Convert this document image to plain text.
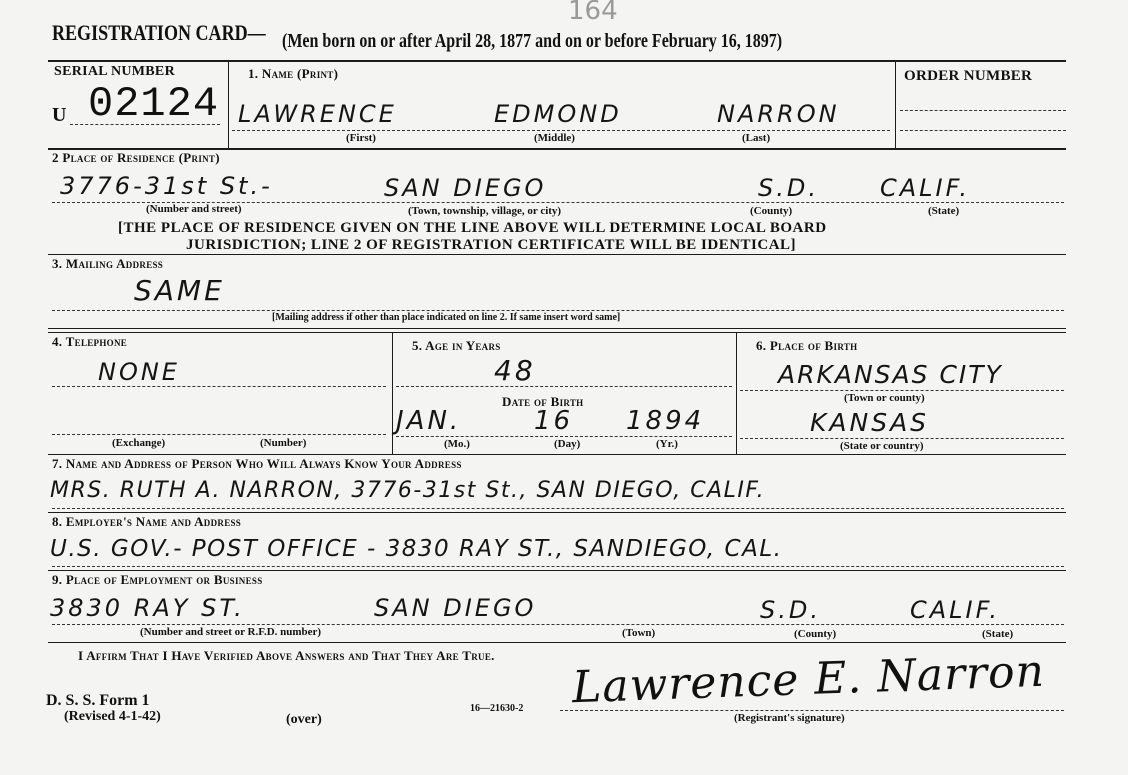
164
REGISTRATION CARD— (Men born on or after April 28, 1877 and on or before February 16, 1897)
SERIAL NUMBER
U 02124
1. Name (Print)
LAWRENCE	EDMOND	NARRON
(First)	(Middle)	(Last)
ORDER NUMBER
2 Place of Residence (Print)
3776-31st St.-	SAN DIEGO	S.D.	CALIF.
(Number and street)	(Town, township, village, or city)	(County)	(State)
[THE PLACE OF RESIDENCE GIVEN ON THE LINE ABOVE WILL DETERMINE LOCAL BOARD
JURISDICTION; LINE 2 OF REGISTRATION CERTIFICATE WILL BE IDENTICAL]
3. Mailing Address
SAME
[Mailing address if other than place indicated on line 2. If same insert word same]
4. Telephone
NONE
(Exchange)	(Number)
5. Age in Years
48
Date of Birth
JAN.	16 1894
(Mo.)	(Day)	(Yr.)
6. Place of Birth
ARKANSAS CITY
(Town or county)
KANSAS
(State or country)
7. Name and Address of Person Who Will Always Know Your Address
MRS. RUTH A. NARRON, 3776-31st St., SAN DIEGO, CALIF.
8. Employer's Name and Address
U.S. GOV.- POST OFFICE - 3830 RAY ST., SANDIEGO, CAL.
9. Place of Employment or Business
3830 RAY ST.	SAN DIEGO	S.D.	CALIF.
(Number and street or R.F.D. number)	(Town)	(County)	(State)
I Affirm That I Have Verified Above Answers and That They Are True.
D. S. S. Form 1
(Revised 4-1-42)	(over)
16—21630-2 Lawrence E. Narron
(Registrant's signature)
